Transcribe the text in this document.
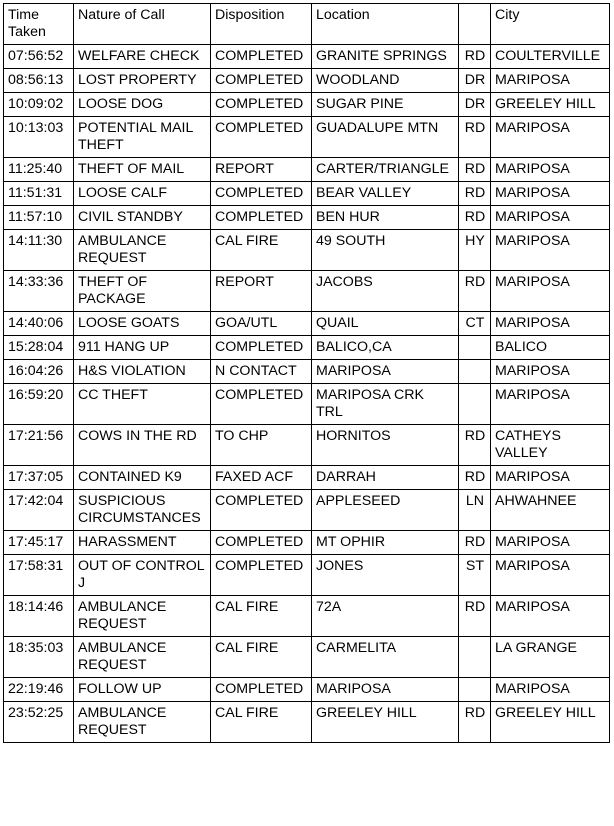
Time Taken	Nature of Call	Disposition	Location		City
07:56:52	WELFARE CHECK	COMPLETED	GRANITE SPRINGS	RD	COULTERVILLE
08:56:13	LOST PROPERTY	COMPLETED	WOODLAND	DR	MARIPOSA
10:09:02	LOOSE DOG	COMPLETED	SUGAR PINE	DR	GREELEY HILL
10:13:03	POTENTIAL MAIL THEFT	COMPLETED	GUADALUPE MTN	RD	MARIPOSA
11:25:40	THEFT OF MAIL	REPORT	CARTER/TRIANGLE	RD	MARIPOSA
11:51:31	LOOSE CALF	COMPLETED	BEAR VALLEY	RD	MARIPOSA
11:57:10	CIVIL STANDBY	COMPLETED	BEN HUR	RD	MARIPOSA
14:11:30	AMBULANCE REQUEST	CAL FIRE	49 SOUTH	HY	MARIPOSA
14:33:36	THEFT OF PACKAGE	REPORT	JACOBS	RD	MARIPOSA
14:40:06	LOOSE GOATS	GOA/UTL	QUAIL	CT	MARIPOSA
15:28:04	911 HANG UP	COMPLETED	BALICO,CA		BALICO
16:04:26	H&S VIOLATION	N CONTACT	MARIPOSA		MARIPOSA
16:59:20	CC THEFT	COMPLETED	MARIPOSA CRK TRL		MARIPOSA
17:21:56	COWS IN THE RD	TO CHP	HORNITOS	RD	CATHEYS VALLEY
17:37:05	CONTAINED K9	FAXED ACF	DARRAH	RD	MARIPOSA
17:42:04	SUSPICIOUS CIRCUMSTANCES	COMPLETED	APPLESEED	LN	AHWAHNEE
17:45:17	HARASSMENT	COMPLETED	MT OPHIR	RD	MARIPOSA
17:58:31	OUT OF CONTROL J	COMPLETED	JONES	ST	MARIPOSA
18:14:46	AMBULANCE REQUEST	CAL FIRE	72A	RD	MARIPOSA
18:35:03	AMBULANCE REQUEST	CAL FIRE	CARMELITA		LA GRANGE
22:19:46	FOLLOW UP	COMPLETED	MARIPOSA		MARIPOSA
23:52:25	AMBULANCE REQUEST	CAL FIRE	GREELEY HILL	RD	GREELEY HILL
